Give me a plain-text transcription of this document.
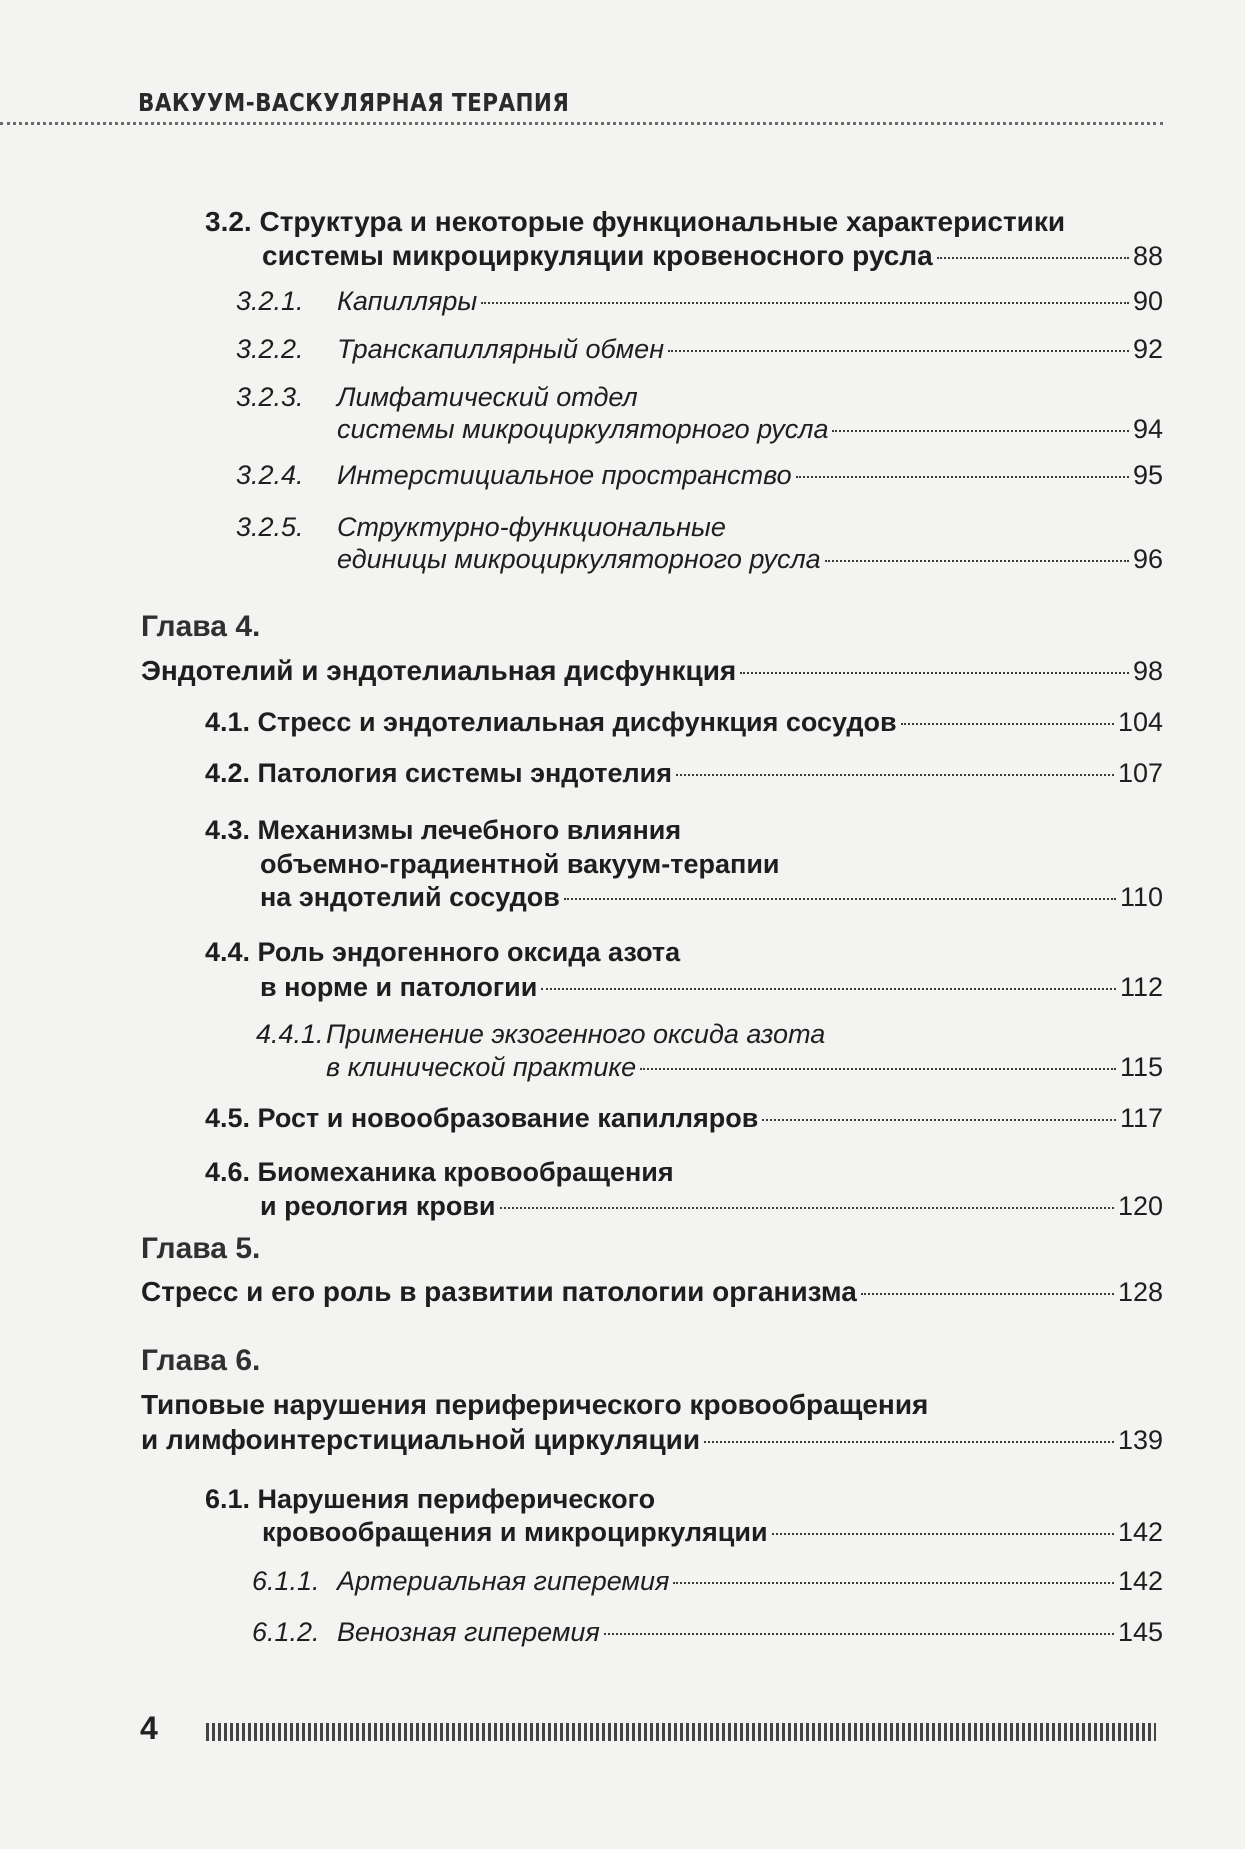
ВАКУУМ-ВАСКУЛЯРНАЯ ТЕРАПИЯ
3.2. Структура и некоторые функциональные характеристики
системы микроциркуляции кровеносного русла	88
3.2.1. Капилляры	90
3.2.2. Транскапиллярный обмен	92
3.2.3. Лимфатический отдел
системы микроциркуляторного русла	94
3.2.4. Интерстициальное пространство	95
3.2.5. Структурно-функциональные
единицы микроциркуляторного русла	96
Глава 4.
Эндотелий и эндотелиальная дисфункция	98
4.1. Стресс и эндотелиальная дисфункция сосудов	104
4.2. Патология системы эндотелия	107
4.3. Механизмы лечебного влияния
объемно-градиентной вакуум-терапии
на эндотелий сосудов	110
4.4. Роль эндогенного оксида азота
в норме и патологии	112
4.4.1. Применение экзогенного оксида азота
в клинической практике	115
4.5. Рост и новообразование капилляров	117
4.6. Биомеханика кровообращения
и реология крови	120
Глава 5.
Стресс и его роль в развитии патологии организма	128
Глава 6.
Типовые нарушения периферического кровообращения
и лимфоинтерстициальной циркуляции	139
6.1. Нарушения периферического
кровообращения и микроциркуляции	142
6.1.1. Артериальная гиперемия	142
6.1.2. Венозная гиперемия	145
4
